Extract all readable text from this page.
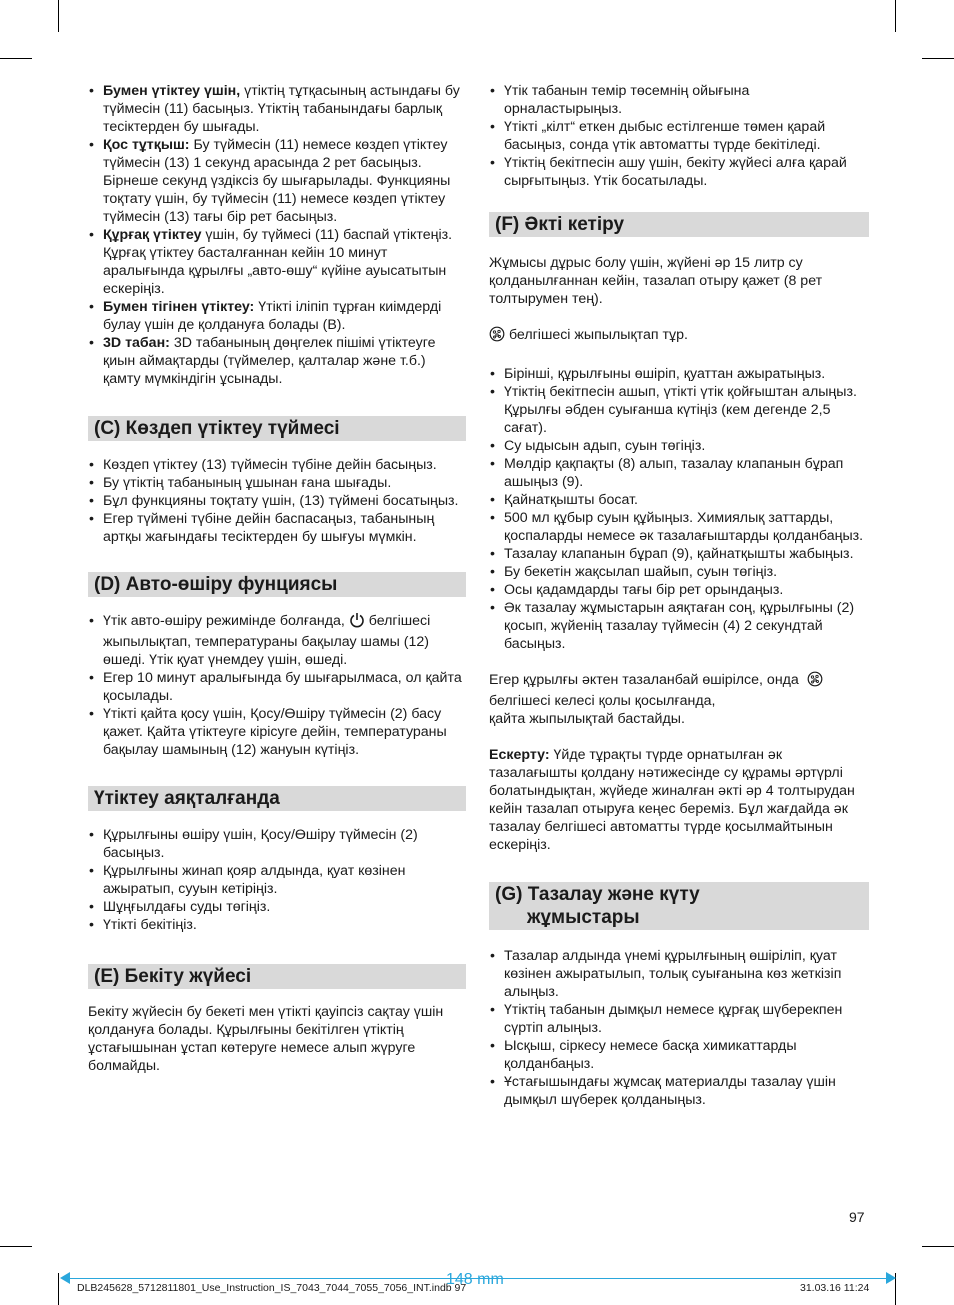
• Бумен үтіктеу үшін, үтіктің тұтқасының астындағы бу түймесін (11) басыңыз. Үтіктің табанындағы барлық тесіктерден бу шығады.
• Қос тұтқыш: Бу түймесін (11) немесе көздеп үтіктеу түймесін (13) 1 секунд арасында 2 рет басыңыз. Бірнеше секунд үздіксіз бу шығарылады. Функцияны тоқтату үшін, бу түймесін (11) немесе көздеп үтіктеу түймесін (13) тағы бір рет басыңыз.
• Құрғақ үтіктеу үшін, бу түймесі (11) баспай үтіктеңіз. Құрғақ үтіктеу басталғаннан кейін 10 минут аралығында құрылғы „авто-өшу“ күйіне ауысатытын ескеріңіз.
• Бумен тігінен үтіктеу: Үтікті іліпіп тұрған киімдерді булау үшін де қолдануға болады (B).
• 3D табан: 3D табанының дөңгелек пішімі үтіктеуге қиын аймақтарды (түймелер, қалталар және т.б.) қамту мүмкіндігін ұсынады.
(C) Көздеп үтіктеу түймесі
• Көздеп үтіктеу (13) түймесін түбіне дейін басыңыз.
• Бу үтіктің табанының ұшынан ғана шығады.
• Бұл функцияны тоқтату үшін, (13) түймені босатыңыз.
• Егер түймені түбіне дейін баспасаңыз, табанының артқы жағындағы тесіктерден бу шығуы мүмкін.
(D) Авто-өшіру фунциясы
• Үтік авто-өшіру режимінде болғанда, белгішесі жыпылықтап, температураны бақылау шамы (12) өшеді. Үтік қуат үнемдеу үшін, өшеді.
• Егер 10 минут аралығында бу шығарылмаса, ол қайта қосылады.
• Үтікті қайта қосу үшін, Қосу/Өшіру түймесін (2) басу қажет. Қайта үтіктеуге кірісуге дейін, температураны бақылау шамының (12) жануын күтіңіз.
Үтіктеу аяқталғанда
• Құрылғыны өшіру үшін, Қосу/Өшіру түймесін (2) басыңыз.
• Құрылғыны жинап қояр алдында, қуат көзінен ажыратып, сууын кетіріңіз.
• Шұңғылдағы суды төгіңіз.
• Үтікті бекітіңіз.
(E) Бекіту жүйесі

Бекіту жүйесін бу бекеті мен үтікті қауіпсіз сақтау үшін қолдануға болады. Құрылғыны бекітілген үтіктің ұстағышынан ұстап көтеруге немесе алып жүруге болмайды.

• Үтік табанын темір төсемнің ойығына орналастырыңыз.
• Үтікті „кілт“ еткен дыбыс естілгенше төмен қарай басыңыз, сонда үтік автоматты түрде бекітіледі.
• Үтіктің бекітпесін ашу үшін, бекіту жүйесі алға қарай сырғытыңыз. Үтік босатылады.
(F) Әкті кетіру

Жұмысы дұрыс болу үшін, жүйені әр 15 литр су қолданылғаннан кейін, тазалап отыру қажет (8 рет толтырумен тең).

белгішесі жыпылықтап тұр.

• Бірінші, құрылғыны өшіріп, қуаттан ажыратыңыз.
• Үтіктің бекітпесін ашып, үтікті үтік қойғыштан алыңыз. Құрылғы әбден суығанша күтіңіз (кем дегенде 2,5 сағат).
• Су ыдысын адып, суын төгіңіз.
• Мөлдір қақпақты (8) алып, тазалау клапанын бұрап ашыңыз (9).
• Қайнатқышты босат.
• 500 мл құбыр суын құйыңыз. Химиялық заттарды, қоспаларды немесе әк тазалағыштарды қолданбаңыз.
• Тазалау клапанын бұрап (9), қайнатқышты жабыңыз.
• Бу бекетін жақсылап шайып, суын төгіңіз.
• Осы қадамдарды тағы бір рет орындаңыз.
• Әк тазалау жұмыстарын аяқтаған соң, құрылғыны (2) қосып, жүйенің тазалау түймесін (4) 2 секундтай басыңыз.

Егер құрылғы әктен тазаланбай өшірілсе, онда
белгішесі келесі қолы қосылғанда,
қайта жыпылықтай бастайды.

Ескерту: Үйде тұрақты түрде орнатылған әк тазалағышты қолдану нәтижесінде су құрамы әртүрлі болатындықтан, жүйеде жиналған әкті әр 4 толтырудан кейін тазалап отыруға кеңес береміз. Бұл жағдайда әк тазалау белгішесі автоматты түрде қосылмайтынын ескеріңіз.

(G) Тазалау және күту
жұмыстары
• Тазалар алдында үнемі құрылғының өшіріліп, қуат көзінен ажыратылып, толық суығанына көз жеткізіп алыңыз.
• Үтіктің табанын дымқыл немесе құрғақ шүберекпен сүртіп алыңыз.
• Ысқыш, сіркесу немесе басқа химикаттарды қолданбаңыз.
• Ұстағышындағы жұмсақ материалды тазалау үшін дымқыл шүберек қолданыңыз.
97
148 mm
DLB245628_5712811801_Use_Instruction_IS_7043_7044_7055_7056_INT.indb 97	31.03.16 11:24
